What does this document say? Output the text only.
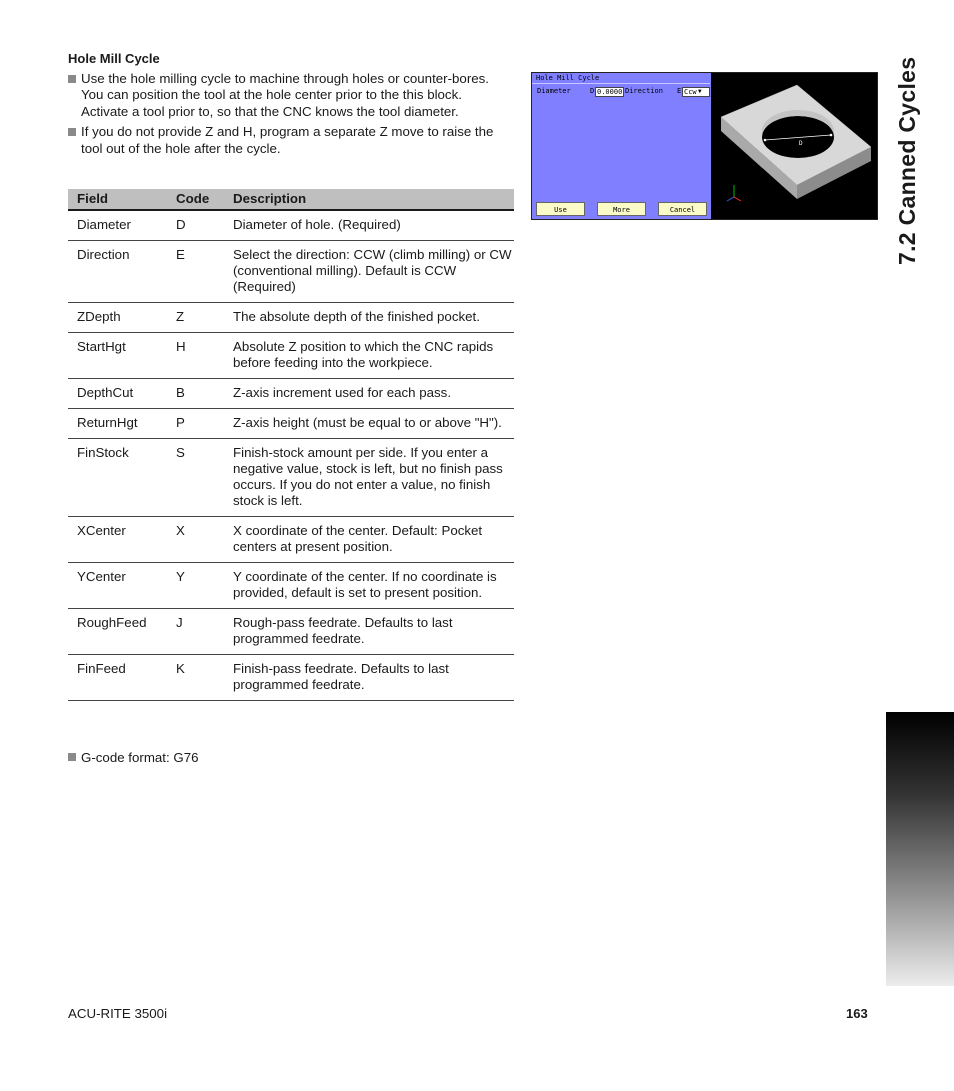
Hole Mill Cycle
Use the hole milling cycle to machine through holes or counter-bores. You can position the tool at the hole center prior to the this block. Activate a tool prior to, so that the CNC knows the tool diameter.
If you do not provide Z and H, program a separate Z move to raise the tool out of the hole after the cycle.
Field	Code	Description
Diameter	D	Diameter of hole. (Required)
Direction	E	Select the direction: CCW (climb milling) or CW (conventional milling). Default is CCW (Required)
ZDepth	Z	The absolute depth of the finished pocket.
StartHgt	H	Absolute Z position to which the CNC rapids before feeding into the workpiece.
DepthCut	B	Z-axis increment used for each pass.
ReturnHgt	P	Z-axis height (must be equal to or above "H").
FinStock	S	Finish-stock amount per side. If you enter a negative value, stock is left, but no finish pass occurs. If you do not enter a value, no finish stock is left.
XCenter	X	X coordinate of the center. Default: Pocket centers at present position.
YCenter	Y	Y coordinate of the center. If no coordinate is provided, default is set to present position.
RoughFeed	J	Rough-pass feedrate. Defaults to last programmed feedrate.
FinFeed	K	Finish-pass feedrate. Defaults to last programmed feedrate.
G-code format: G76
ACU-RITE 3500i	163
7.2 Canned Cycles
Hole Mill Cycle
Diameter	D 0.0000 Direction E Ccw ▼
Use	More	Cancel
D
